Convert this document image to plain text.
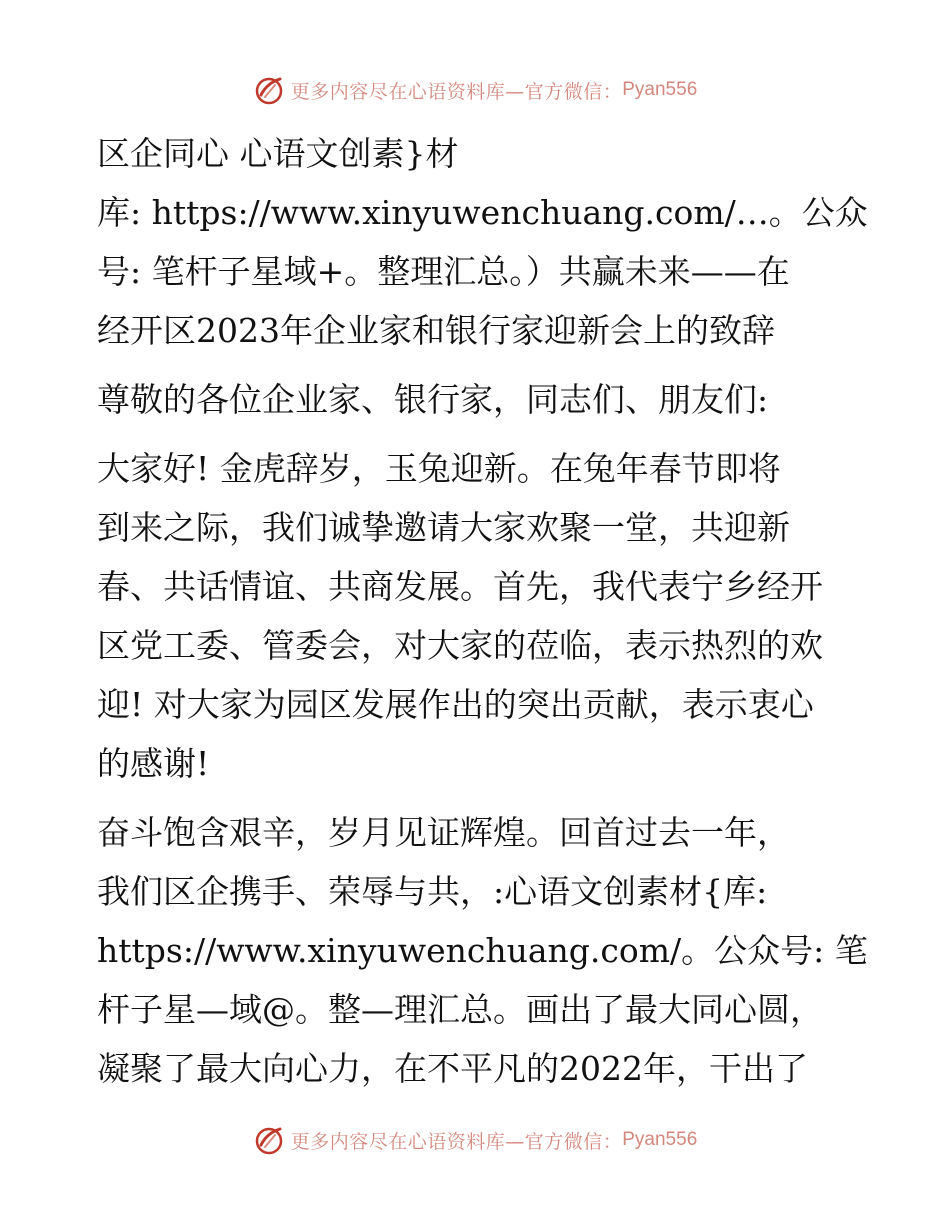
更多内容尽在心语资料库—官方微信： Pyan556
区企同心 心语文创素}材
库: https://www.xinyuwenchuang.com/…。公众
号: 笔杆子星域+。整理汇总。）共赢未来——在
经开区2023年企业家和银行家迎新会上的致辞
尊敬的各位企业家、银行家，同志们、朋友们:
大家好! 金虎辞岁，玉兔迎新。在兔年春节即将
到来之际，我们诚挚邀请大家欢聚一堂，共迎新
春、共话情谊、共商发展。首先，我代表宁乡经开
区党工委、管委会，对大家的莅临，表示热烈的欢
迎! 对大家为园区发展作出的突出贡献，表示衷心
的感谢!
奋斗饱含艰辛，岁月见证辉煌。回首过去一年，
我们区企携手、荣辱与共，:心语文创素材{库:
https://www.xinyuwenchuang.com/。公众号: 笔
杆子星—域@。整—理汇总。画出了最大同心圆，
凝聚了最大向心力，在不平凡的2022年，干出了
更多内容尽在心语资料库—官方微信： Pyan556
